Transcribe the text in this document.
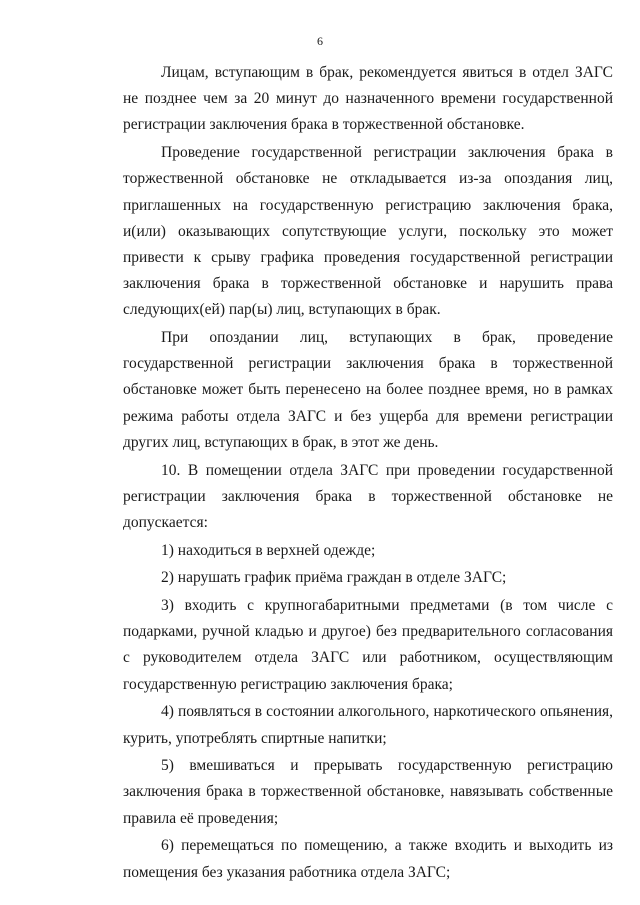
6

Лицам, вступающим в брак, рекомендуется явиться в отдел ЗАГС не позднее чем за 20 минут до назначенного времени государственной регистрации заключения брака в торжественной обстановке.

Проведение государственной регистрации заключения брака в торжественной обстановке не откладывается из-за опоздания лиц, приглашенных на государственную регистрацию заключения брака, и(или) оказывающих сопутствующие услуги, поскольку это может привести к срыву графика проведения государственной регистрации заключения брака в торжественной обстановке и нарушить права следующих(ей) пар(ы) лиц, вступающих в брак.

При опоздании лиц, вступающих в брак, проведение государственной регистрации заключения брака в торжественной обстановке может быть перенесено на более позднее время, но в рамках режима работы отдела ЗАГС и без ущерба для времени регистрации других лиц, вступающих в брак, в этот же день.

10. В помещении отдела ЗАГС при проведении государственной регистрации заключения брака в торжественной обстановке не допускается:

1) находиться в верхней одежде;

2) нарушать график приёма граждан в отделе ЗАГС;

3) входить с крупногабаритными предметами (в том числе с подарками, ручной кладью и другое) без предварительного согласования с руководителем отдела ЗАГС или работником, осуществляющим государственную регистрацию заключения брака;

4) появляться в состоянии алкогольного, наркотического опьянения, курить, употреблять спиртные напитки;

5) вмешиваться и прерывать государственную регистрацию заключения брака в торжественной обстановке, навязывать собственные правила её проведения;

6) перемещаться по помещению, а также входить и выходить из помещения без указания работника отдела ЗАГС;
